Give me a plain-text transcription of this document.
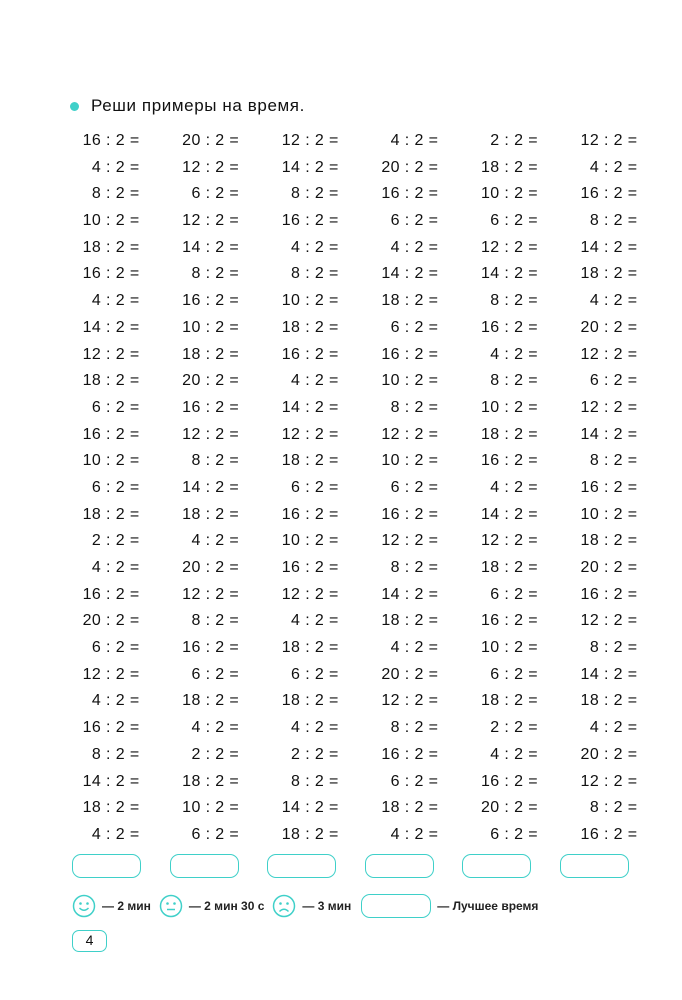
Реши примеры на время.
16 : 2 =	20 : 2 =	12 : 2 =	4 : 2 =	2 : 2 =	12 : 2 =
4 : 2 =	12 : 2 =	14 : 2 =	20 : 2 =	18 : 2 =	4 : 2 =
8 : 2 =	6 : 2 =	8 : 2 =	16 : 2 =	10 : 2 =	16 : 2 =
10 : 2 =	12 : 2 =	16 : 2 =	6 : 2 =	6 : 2 =	8 : 2 =
18 : 2 =	14 : 2 =	4 : 2 =	4 : 2 =	12 : 2 =	14 : 2 =
16 : 2 =	8 : 2 =	8 : 2 =	14 : 2 =	14 : 2 =	18 : 2 =
4 : 2 =	16 : 2 =	10 : 2 =	18 : 2 =	8 : 2 =	4 : 2 =
14 : 2 =	10 : 2 =	18 : 2 =	6 : 2 =	16 : 2 =	20 : 2 =
12 : 2 =	18 : 2 =	16 : 2 =	16 : 2 =	4 : 2 =	12 : 2 =
18 : 2 =	20 : 2 =	4 : 2 =	10 : 2 =	8 : 2 =	6 : 2 =
6 : 2 =	16 : 2 =	14 : 2 =	8 : 2 =	10 : 2 =	12 : 2 =
16 : 2 =	12 : 2 =	12 : 2 =	12 : 2 =	18 : 2 =	14 : 2 =
10 : 2 =	8 : 2 =	18 : 2 =	10 : 2 =	16 : 2 =	8 : 2 =
6 : 2 =	14 : 2 =	6 : 2 =	6 : 2 =	4 : 2 =	16 : 2 =
18 : 2 =	18 : 2 =	16 : 2 =	16 : 2 =	14 : 2 =	10 : 2 =
2 : 2 =	4 : 2 =	10 : 2 =	12 : 2 =	12 : 2 =	18 : 2 =
4 : 2 =	20 : 2 =	16 : 2 =	8 : 2 =	18 : 2 =	20 : 2 =
16 : 2 =	12 : 2 =	12 : 2 =	14 : 2 =	6 : 2 =	16 : 2 =
20 : 2 =	8 : 2 =	4 : 2 =	18 : 2 =	16 : 2 =	12 : 2 =
6 : 2 =	16 : 2 =	18 : 2 =	4 : 2 =	10 : 2 =	8 : 2 =
12 : 2 =	6 : 2 =	6 : 2 =	20 : 2 =	6 : 2 =	14 : 2 =
4 : 2 =	18 : 2 =	18 : 2 =	12 : 2 =	18 : 2 =	18 : 2 =
16 : 2 =	4 : 2 =	4 : 2 =	8 : 2 =	2 : 2 =	4 : 2 =
8 : 2 =	2 : 2 =	2 : 2 =	16 : 2 =	4 : 2 =	20 : 2 =
14 : 2 =	18 : 2 =	8 : 2 =	6 : 2 =	16 : 2 =	12 : 2 =
18 : 2 =	10 : 2 =	14 : 2 =	18 : 2 =	20 : 2 =	8 : 2 =
4 : 2 =	6 : 2 =	18 : 2 =	4 : 2 =	6 : 2 =	16 : 2 =
— 2 мин	— 2 мин 30 с	— 3 мин	— Лучшее время
4
